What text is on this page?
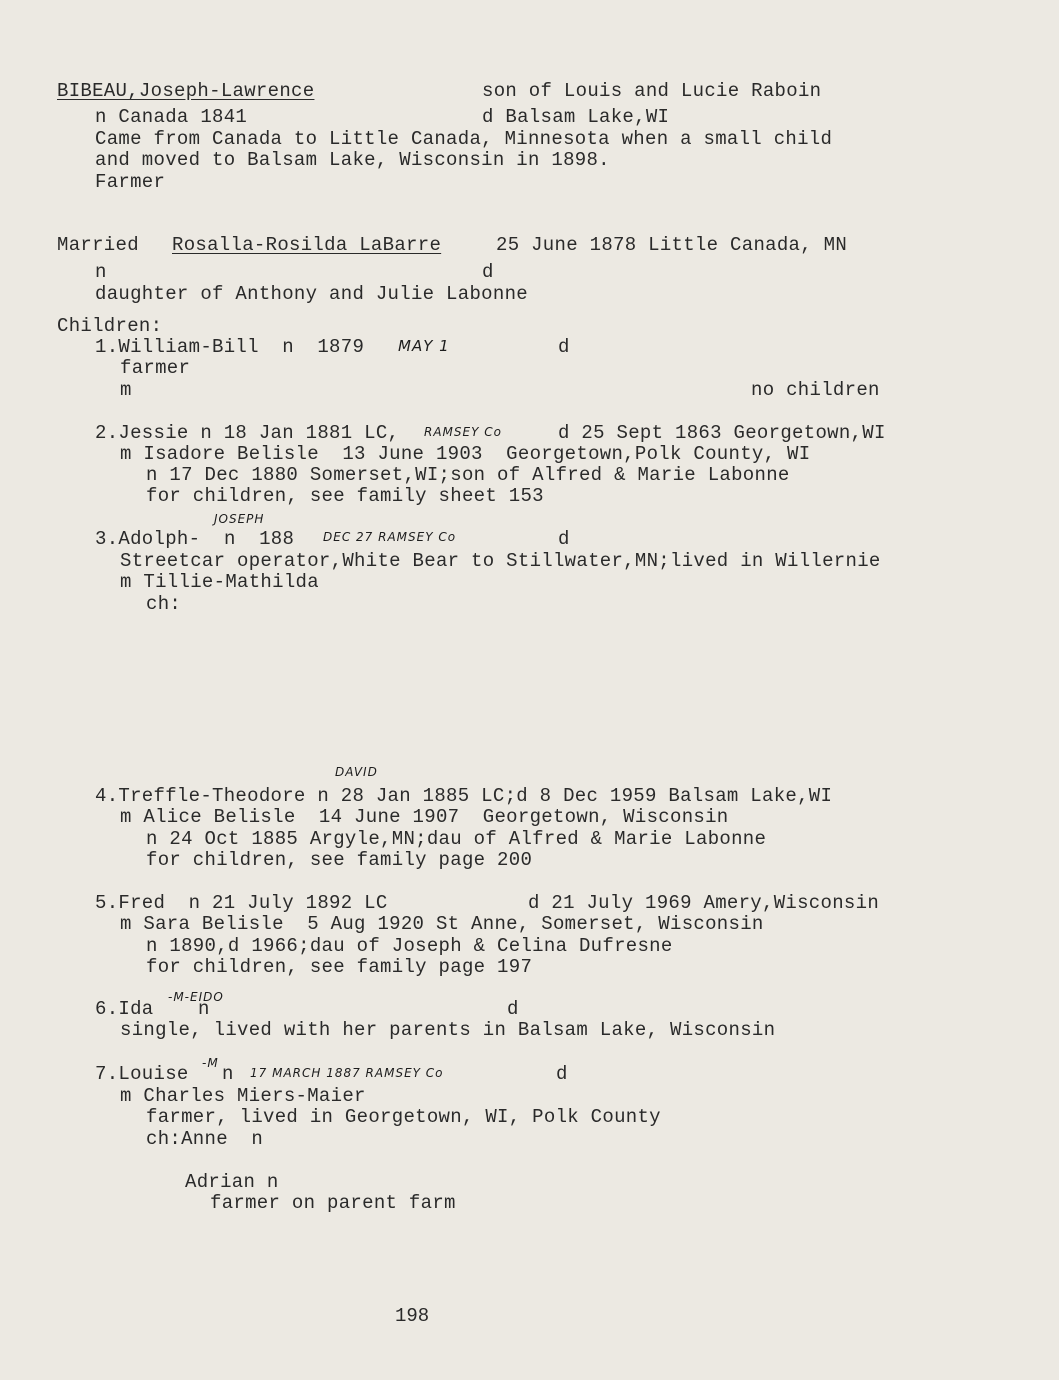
BIBEAU,Joseph-Lawrence	son of Louis and Lucie Raboin
n Canada 1841	d Balsam Lake,WI
Came from Canada to Little Canada, Minnesota when a small child
and moved to Balsam Lake, Wisconsin in 1898.
Farmer
Married Rosalla-Rosilda LaBarre	25 June 1878 Little Canada, MN
n	d
daughter of Anthony and Julie Labonne
Children:
1.William-Bill  n  1879 MAY 1	d
farmer
m	no children
2.Jessie n 18 Jan 1881 LC, RAMSEY Co	d 25 Sept 1863 Georgetown,WI
m Isadore Belisle  13 June 1903  Georgetown,Polk County, WI
n 17 Dec 1880 Somerset,WI;son of Alfred & Marie Labonne
for children, see family sheet 153
JOSEPH
3.Adolph- n  188 DEC 27 RAMSEY Co	d
Streetcar operator,White Bear to Stillwater,MN;lived in Willernie
m Tillie-Mathilda
ch:
DAVID
4.Treffle-Theodore n 28 Jan 1885 LC;d 8 Dec 1959 Balsam Lake,WI
m Alice Belisle  14 June 1907  Georgetown, Wisconsin
n 24 Oct 1885 Argyle,MN;dau of Alfred & Marie Labonne
for children, see family page 200
5.Fred  n 21 July 1892 LC            d 21 July 1969 Amery,Wisconsin
m Sara Belisle  5 Aug 1920 St Anne, Somerset, Wisconsin
n 1890,d 1966;dau of Joseph & Celina Dufresne
for children, see family page 197
-M-EIDO
6.Ida n	d
single, lived with her parents in Balsam Lake, Wisconsin
-M
7.Louise n 17 MARCH 1887 RAMSEY Co	d
m Charles Miers-Maier
farmer, lived in Georgetown, WI, Polk County
ch:Anne  n
Adrian n
farmer on parent farm
198
